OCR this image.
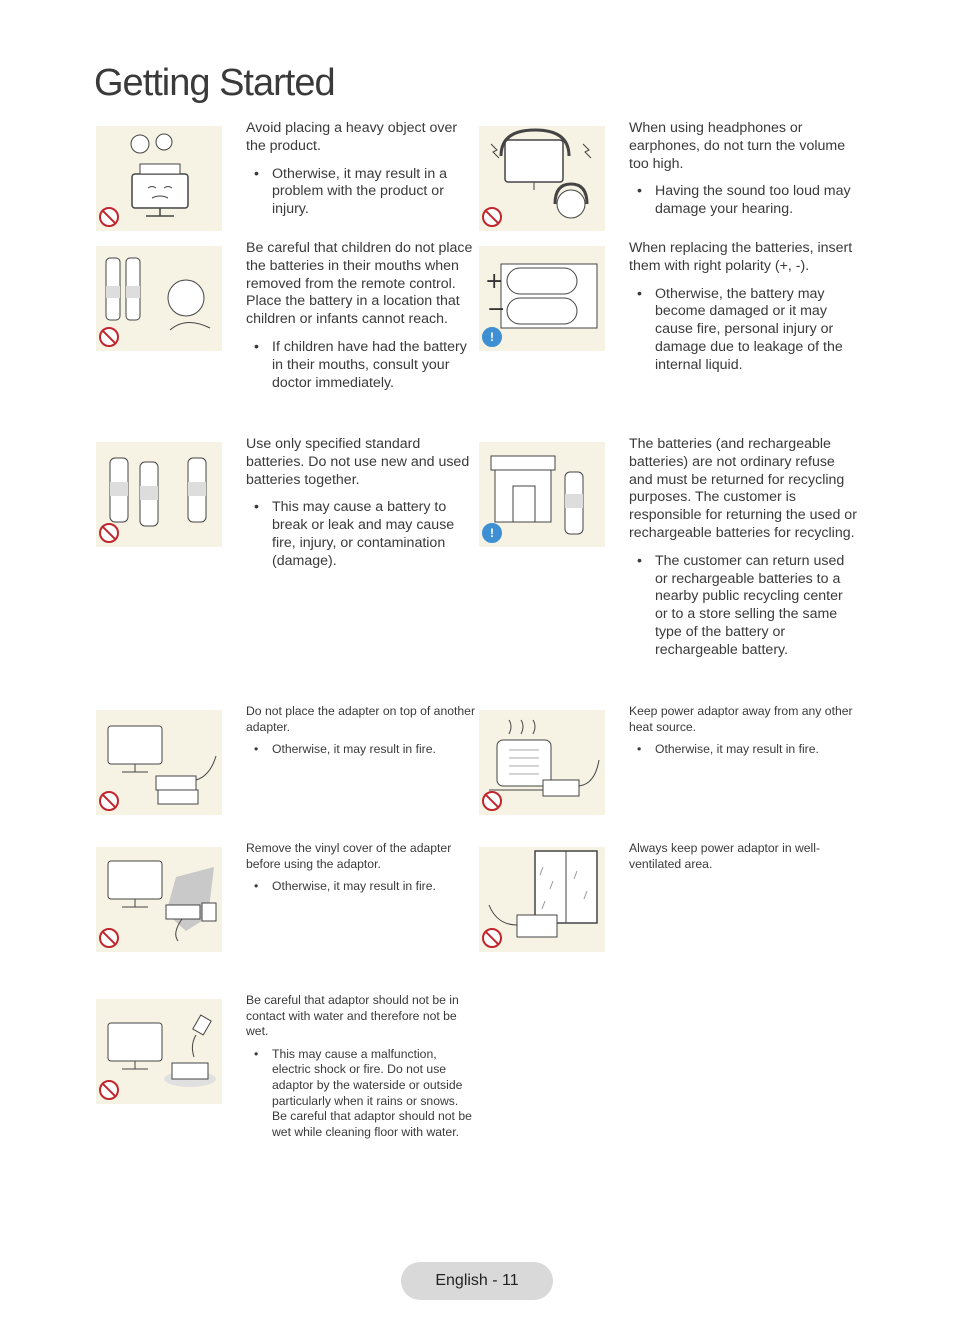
Getting Started

Avoid placing a heavy object over the product.

• Otherwise, it may result in a problem with the product or injury.

When using headphones or earphones, do not turn the volume too high.

• Having the sound too loud may damage your hearing.

Be careful that children do not place the batteries in their mouths when removed from the remote control. Place the battery in a location that children or infants cannot reach.

• If children have had the battery in their mouths, consult your doctor immediately.

+
−
!

When replacing the batteries, insert them with right polarity (+, -).

• Otherwise, the battery may become damaged or it may cause fire, personal injury or damage due to leakage of the internal liquid.

Use only specified standard batteries. Do not use new and used batteries together.

• This may cause a battery to break or leak and may cause fire, injury, or contamination (damage).

!

The batteries (and rechargeable batteries) are not ordinary refuse and must be returned for recycling purposes. The customer is responsible for returning the used or rechargeable batteries for recycling.

• The customer can return used or rechargeable batteries to a nearby public recycling center or to a store selling the same type of the battery or rechargeable battery.

Do not place the adapter on top of another adapter.

• Otherwise, it may result in fire.

Keep power adaptor away from any other heat source.

• Otherwise, it may result in fire.

Remove the vinyl cover of the adapter before using the adaptor.

• Otherwise, it may result in fire.

Always keep power adaptor in well-ventilated area.

Be careful that adaptor should not be in contact with water and therefore not be wet.

• This may cause a malfunction, electric shock or fire. Do not use adaptor by the waterside or outside particularly when it rains or snows. Be careful that adaptor should not be wet while cleaning floor with water.

English - 11
